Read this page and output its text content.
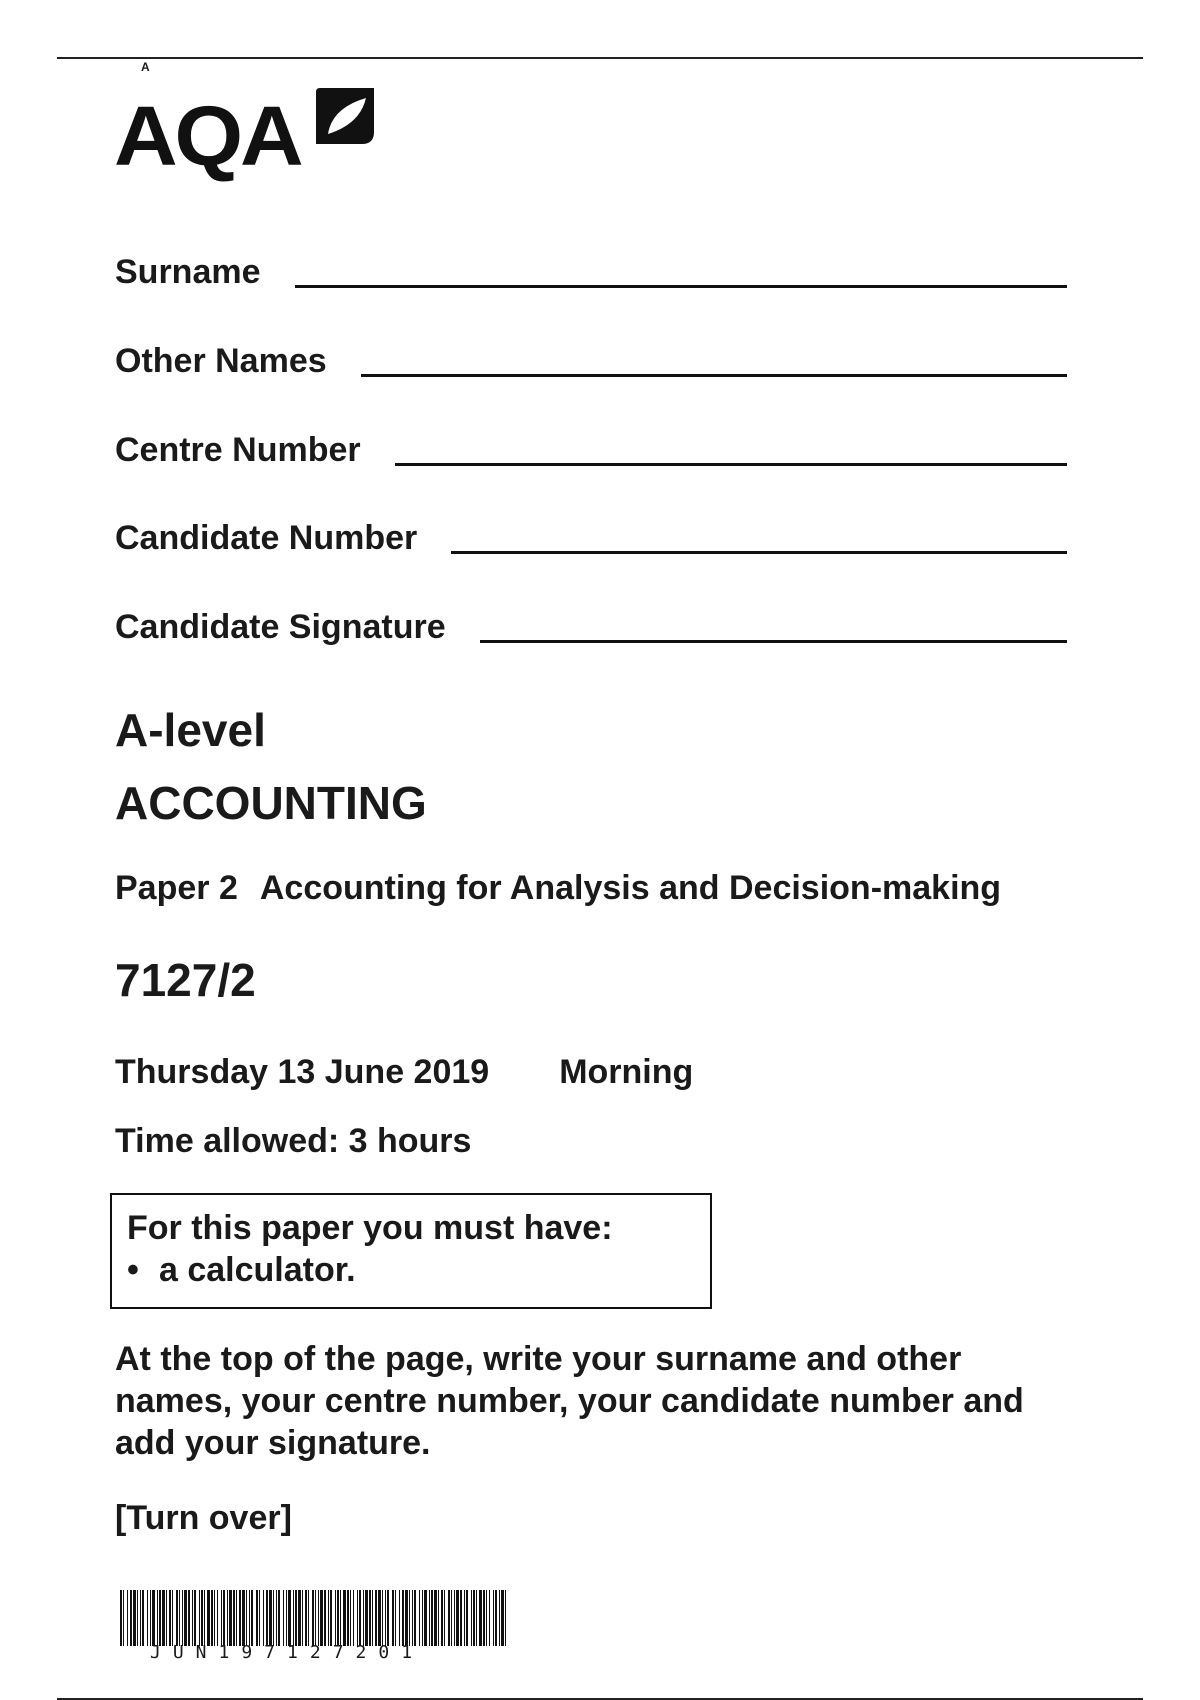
A
AQA
Surname
Other Names
Centre Number
Candidate Number
Candidate Signature
A-level
ACCOUNTING
Paper 2 Accounting for Analysis and Decision-making
7127/2
Thursday 13 June 2019 Morning
Time allowed: 3 hours
For this paper you must have:
• a calculator.
At the top of the page, write your surname and other names, your centre number, your candidate number and add your signature.
[Turn over]
JUN197127201
